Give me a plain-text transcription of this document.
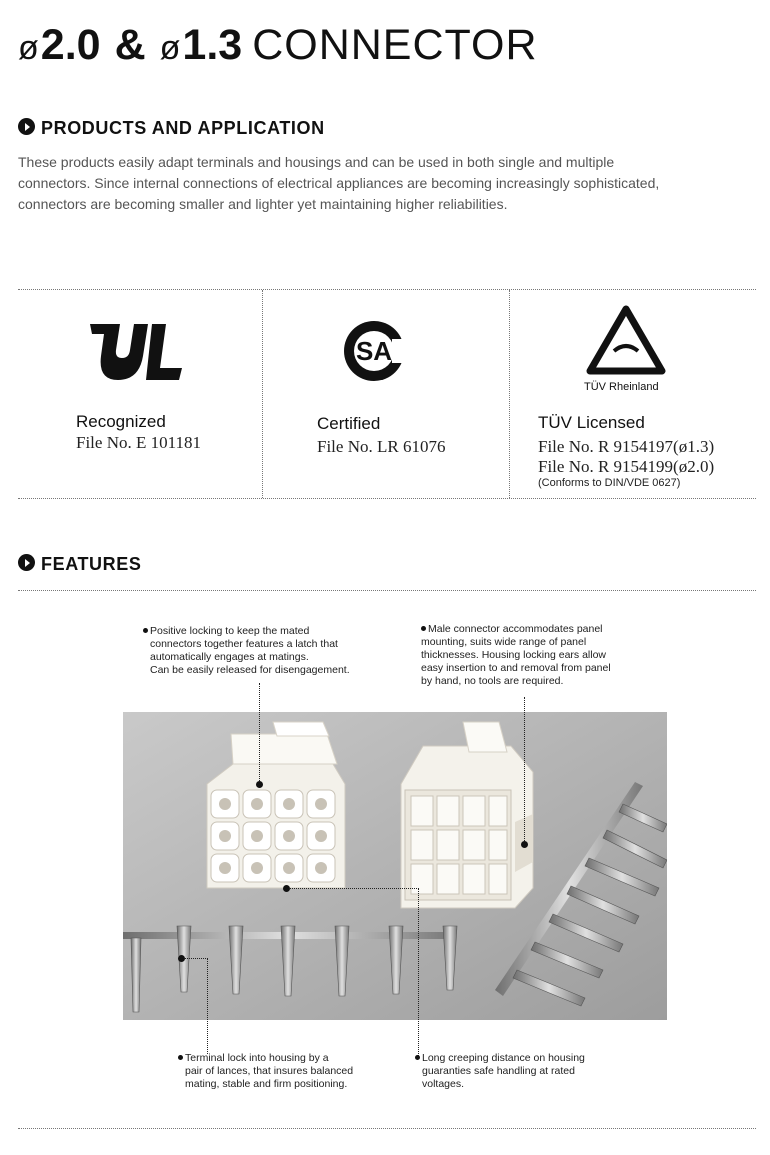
ø2.0 & ø1.3 CONNECTOR
PRODUCTS AND APPLICATION
These products easily adapt terminals and housings and can be used in both single and multiple
connectors. Since internal connections of electrical appliances are becoming increasingly sophisticated,
connectors are becoming smaller and lighter yet maintaining higher reliabilities.
Recognized
File No. E 101181
SA
Certified
File No. LR 61076
TÜV Rheinland
TÜV Licensed
File No. R 9154197(ø1.3)
File No. R 9154199(ø2.0)
(Conforms to DIN/VDE 0627)
FEATURES
Positive locking to keep the mated
connectors together features a latch that
automatically engages at matings.
Can be easily released for disengagement.
Male connector accommodates panel
mounting, suits wide range of panel
thicknesses. Housing locking ears allow
easy insertion to and removal from panel
by hand, no tools are required.
Terminal lock into housing by a
pair of lances, that insures balanced
mating, stable and firm positioning.
Long creeping distance on housing
guaranties safe handling at rated
voltages.
